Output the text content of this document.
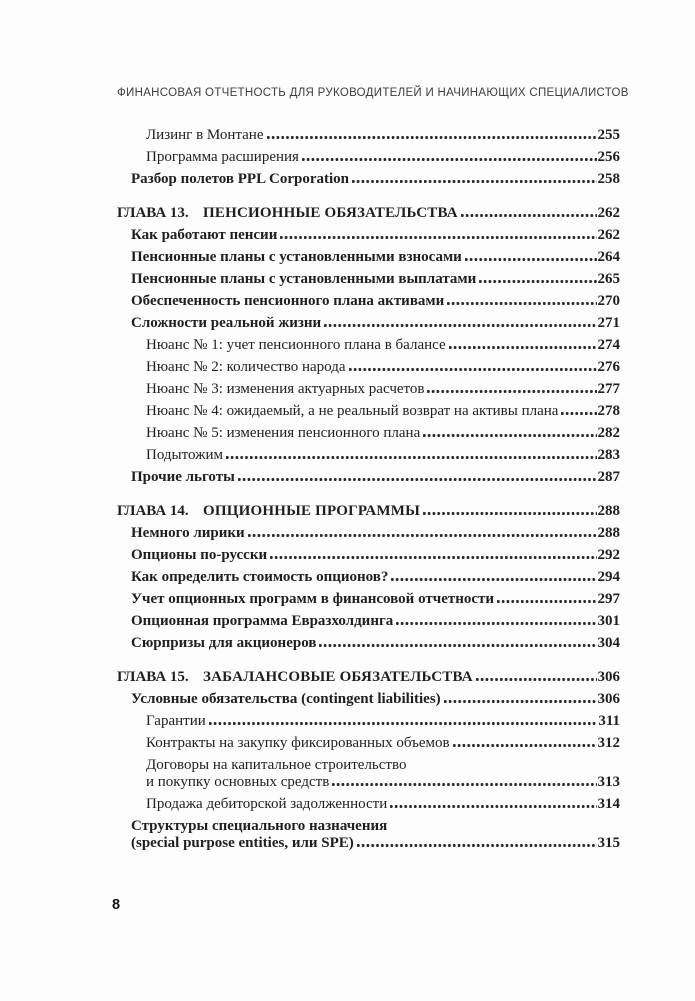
ФИНАНСОВАЯ ОТЧЕТНОСТЬ ДЛЯ РУКОВОДИТЕЛЕЙ И НАЧИНАЮЩИХ СПЕЦИАЛИСТОВ
Лизинг в Монтане	255
Программа расширения	256
Разбор полетов PPL Corporation	258
ГЛАВА 13. ПЕНСИОННЫЕ ОБЯЗАТЕЛЬСТВА	262
Как работают пенсии	262
Пенсионные планы с установленными взносами	264
Пенсионные планы с установленными выплатами	265
Обеспеченность пенсионного плана активами	270
Сложности реальной жизни	271
Нюанс № 1: учет пенсионного плана в балансе	274
Нюанс № 2: количество народа	276
Нюанс № 3: изменения актуарных расчетов	277
Нюанс № 4: ожидаемый, а не реальный возврат на активы плана	278
Нюанс № 5: изменения пенсионного плана	282
Подытожим	283
Прочие льготы	287
ГЛАВА 14. ОПЦИОННЫЕ ПРОГРАММЫ	288
Немного лирики	288
Опционы по-русски	292
Как определить стоимость опционов?	294
Учет опционных программ в финансовой отчетности	297
Опционная программа Евразхолдинга	301
Сюрпризы для акционеров	304
ГЛАВА 15. ЗАБАЛАНСОВЫЕ ОБЯЗАТЕЛЬСТВА	306
Условные обязательства (contingent liabilities)	306
Гарантии	311
Контракты на закупку фиксированных объемов	312
Договоры на капитальное строительство
и покупку основных средств	313
Продажа дебиторской задолженности	314
Структуры специального назначения
(special purpose entities, или SPE)	315
8
